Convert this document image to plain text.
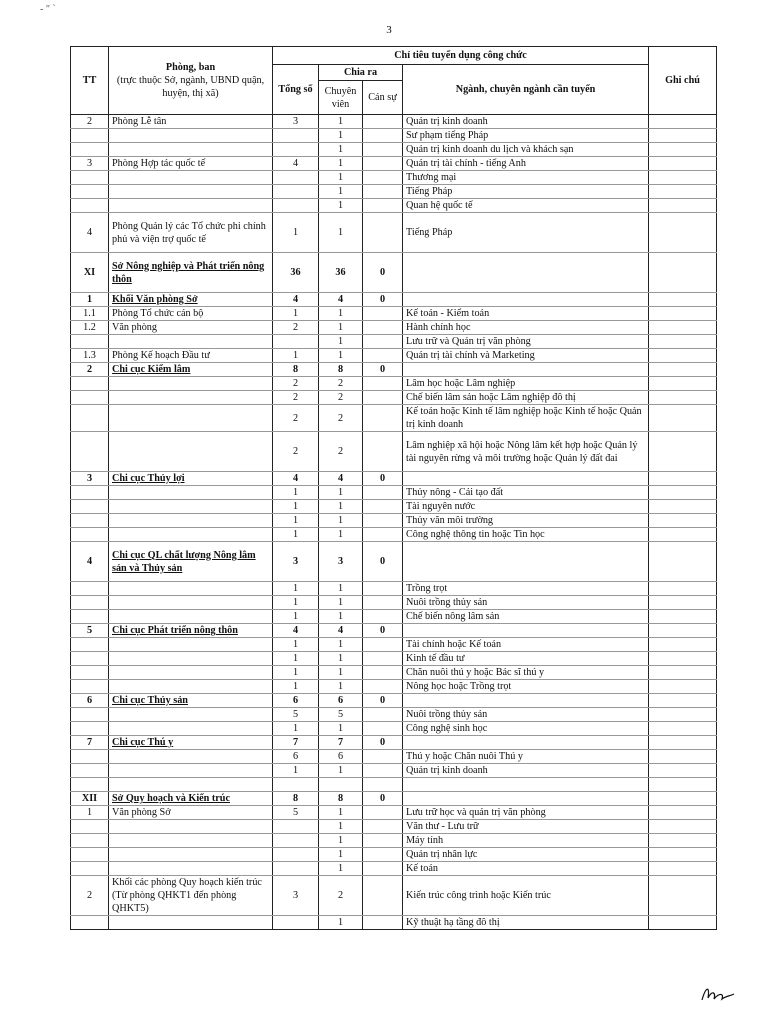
- " `
3
TT	Phòng, ban
(trực thuộc Sở, ngành, UBND quận, huyện, thị xã)	Chỉ tiêu tuyển dụng công chức				Ghi chú
		Tổng số	Chia ra		Ngành, chuyên ngành cần tuyển	
			Chuyên viên	Cán sự		
2	Phòng Lễ tân	3	1		Quản trị kinh doanh	
			1		Sư phạm tiếng Pháp	
			1		Quản trị kinh doanh du lịch và khách sạn	
3	Phòng Hợp tác quốc tế	4	1		Quản trị tài chính - tiếng Anh	
			1		Thương mại	
			1		Tiếng Pháp	
			1		Quan hệ quốc tế	
4	Phòng Quản lý các Tổ chức phi chính phủ và viện trợ quốc tế	1	1		Tiếng Pháp	
XI	Sở Nông nghiệp và Phát triển nông thôn	36	36	0		
1	Khối Văn phòng Sở	4	4	0		
1.1	Phòng Tổ chức cán bộ	1	1		Kế toán - Kiểm toán	
1.2	Văn phòng	2	1		Hành chính học	
			1		Lưu trữ và Quản trị văn phòng	
1.3	Phòng Kế hoạch Đầu tư	1	1		Quản trị tài chính và Marketing	
2	Chi cục Kiểm lâm	8	8	0		
		2	2		Lâm học hoặc Lâm nghiệp	
		2	2		Chế biến lâm sản hoặc Lâm nghiệp đô thị	
		2	2		Kế toán hoặc Kinh tế lâm nghiệp hoặc Kinh tế hoặc Quản trị kinh doanh	
		2	2		Lâm nghiệp xã hội hoặc Nông lâm kết hợp hoặc Quản lý tài nguyên rừng và môi trường hoặc Quản lý đất đai	
3	Chi cục Thủy lợi	4	4	0		
		1	1		Thủy nông - Cải tạo đất	
		1	1		Tài nguyên nước	
		1	1		Thủy văn môi trường	
		1	1		Công nghệ thông tin hoặc Tin học	
4	Chi cục QL chất lượng Nông lâm sản và Thủy sản	3	3	0		
		1	1		Trồng trọt	
		1	1		Nuôi trồng thủy sản	
		1	1		Chế biến nông lâm sản	
5	Chi cục Phát triển nông thôn	4	4	0		
		1	1		Tài chính hoặc Kế toán	
		1	1		Kinh tế đầu tư	
		1	1		Chăn nuôi thú y hoặc Bác sĩ thú y	
		1	1		Nông học hoặc Trồng trọt	
6	Chi cục Thủy sản	6	6	0		
		5	5		Nuôi trồng thủy sản	
		1	1		Công nghệ sinh học	
7	Chi cục Thú y	7	7	0		
		6	6		Thú y hoặc Chăn nuôi Thú y	
		1	1		Quản trị kinh doanh	

XII	Sở Quy hoạch và Kiến trúc	8	8	0		
1	Văn phòng Sở	5	1		Lưu trữ học và quản trị văn phòng	
			1		Văn thư - Lưu trữ	
			1		Máy tính	
			1		Quản trị nhân lực	
			1		Kế toán	
2	Khối các phòng Quy hoạch kiến trúc (Từ phòng QHKT1 đến phòng QHKT5)	3	2		Kiến trúc công trình hoặc Kiến trúc	
			1		Kỹ thuật hạ tầng đô thị	
